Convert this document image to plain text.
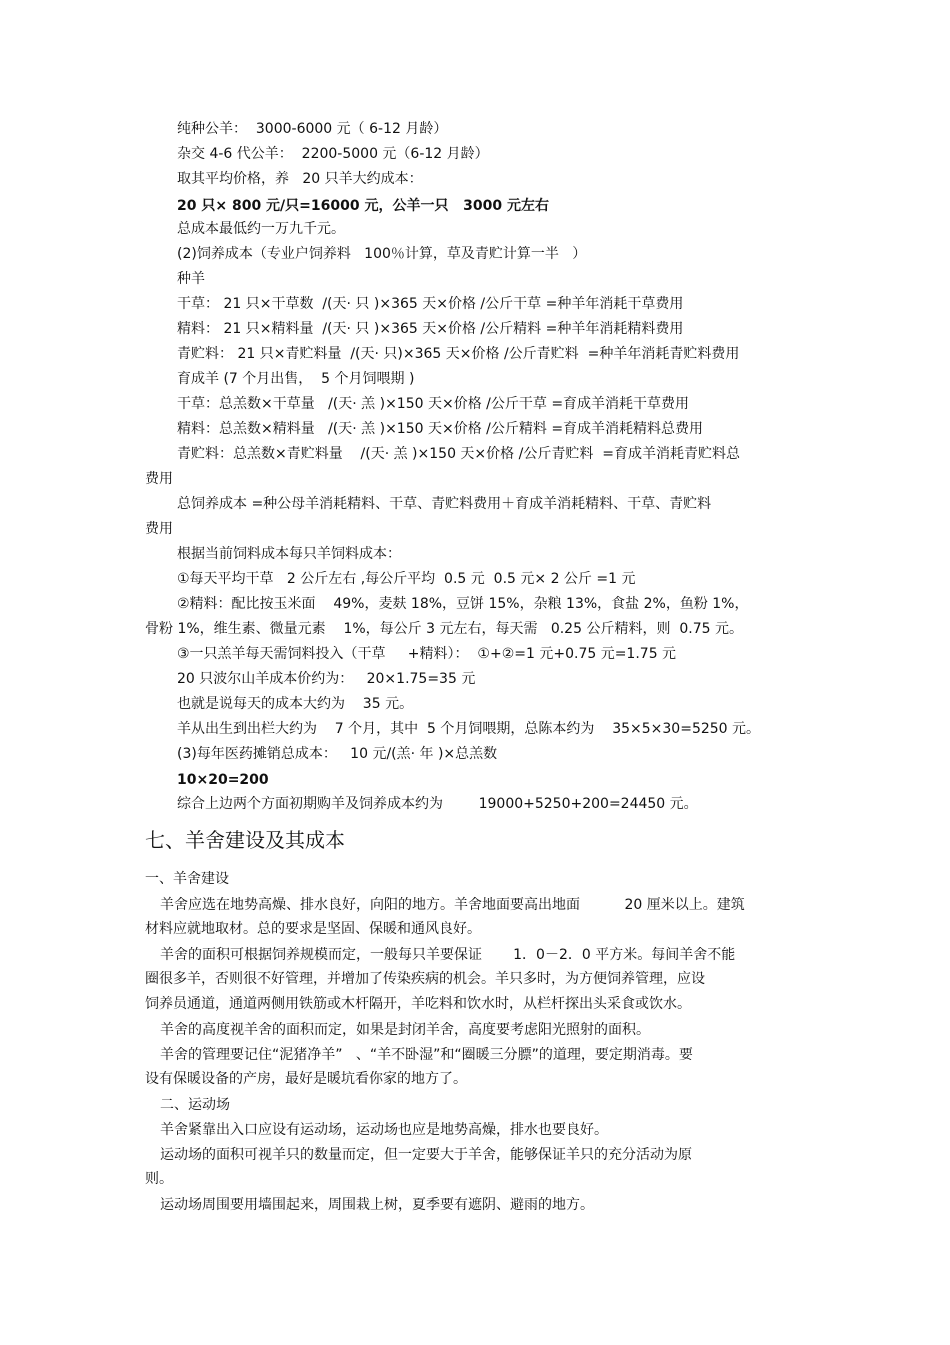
纯种公羊：  3000-6000 元（ 6-12 月龄）
杂交 4-6 代公羊：  2200-5000 元（6-12 月龄）
取其平均价格，养   20 只羊大约成本：
20 只× 800 元/只=16000 元，公羊一只   3000 元左右
总成本最低约一万九千元。
(2)饲养成本（专业户饲养料   100％计算，草及青贮计算一半   ）
种羊
干草： 21 只×干草数  /(天· 只 )×365 天×价格 /公斤干草 =种羊年消耗干草费用
精料： 21 只×精料量  /(天· 只 )×365 天×价格 /公斤精料 =种羊年消耗精料费用
青贮料： 21 只×青贮料量  /(天· 只)×365 天×价格 /公斤青贮料  =种羊年消耗青贮料费用
育成羊 (7 个月出售，  5 个月饲喂期 )
干草：总羔数×干草量   /(天· 羔 )×150 天×价格 /公斤干草 =育成羊消耗干草费用
精料：总羔数×精料量   /(天· 羔 )×150 天×价格 /公斤精料 =育成羊消耗精料总费用
青贮料：总羔数×青贮料量    /(天· 羔 )×150 天×价格 /公斤青贮料  =育成羊消耗青贮料总
费用
总饲养成本 =种公母羊消耗精料、干草、青贮料费用＋育成羊消耗精料、干草、青贮料
费用
根据当前饲料成本每只羊饲料成本：
①每天平均干草   2 公斤左右 ,每公斤平均  0.5 元  0.5 元× 2 公斤 =1 元
②精料：配比按玉米面    49%，麦麸 18%，豆饼 15%，杂粮 13%，食盐 2%，鱼粉 1%，
骨粉 1%，维生素、微量元素    1%，每公斤 3 元左右，每天需   0.25 公斤精料，则  0.75 元。
③一只羔羊每天需饲料投入（干草     +精料）：  ①+②=1 元+0.75 元=1.75 元
20 只波尔山羊成本价约为：   20×1.75=35 元
也就是说每天的成本大约为    35 元。
羊从出生到出栏大约为    7 个月，其中  5 个月饲喂期，总陈本约为    35×5×30=5250 元。
(3)每年医药摊销总成本：   10 元/(羔· 年 )×总羔数
10×20=200
综合上边两个方面初期购羊及饲养成本约为        19000+5250+200=24450 元。
七、羊舍建设及其成本
一、羊舍建设
羊舍应选在地势高燥、排水良好，向阳的地方。羊舍地面要高出地面          20 厘米以上。建筑
材料应就地取材。总的要求是坚固、保暖和通风良好。
羊舍的面积可根据饲养规模而定，一般每只羊要保证       1．0－2．0 平方米。每间羊舍不能
圈很多羊，否则很不好管理，并增加了传染疾病的机会。羊只多时，为方便饲养管理，应设
饲养员通道，通道两侧用铁筋或木杆隔开，羊吃料和饮水时，从栏杆探出头采食或饮水。
羊舍的高度视羊舍的面积而定，如果是封闭羊舍，高度要考虑阳光照射的面积。
羊舍的管理要记住“泥猪净羊”   、“羊不卧湿”和“圈暖三分膘”的道理，要定期消毒。要
设有保暖设备的产房，最好是暖坑看你家的地方了。
二、运动场
羊舍紧靠出入口应设有运动场，运动场也应是地势高燥，排水也要良好。
运动场的面积可视羊只的数量而定，但一定要大于羊舍，能够保证羊只的充分活动为原
则。
运动场周围要用墙围起来，周围栽上树，夏季要有遮阴、避雨的地方。
